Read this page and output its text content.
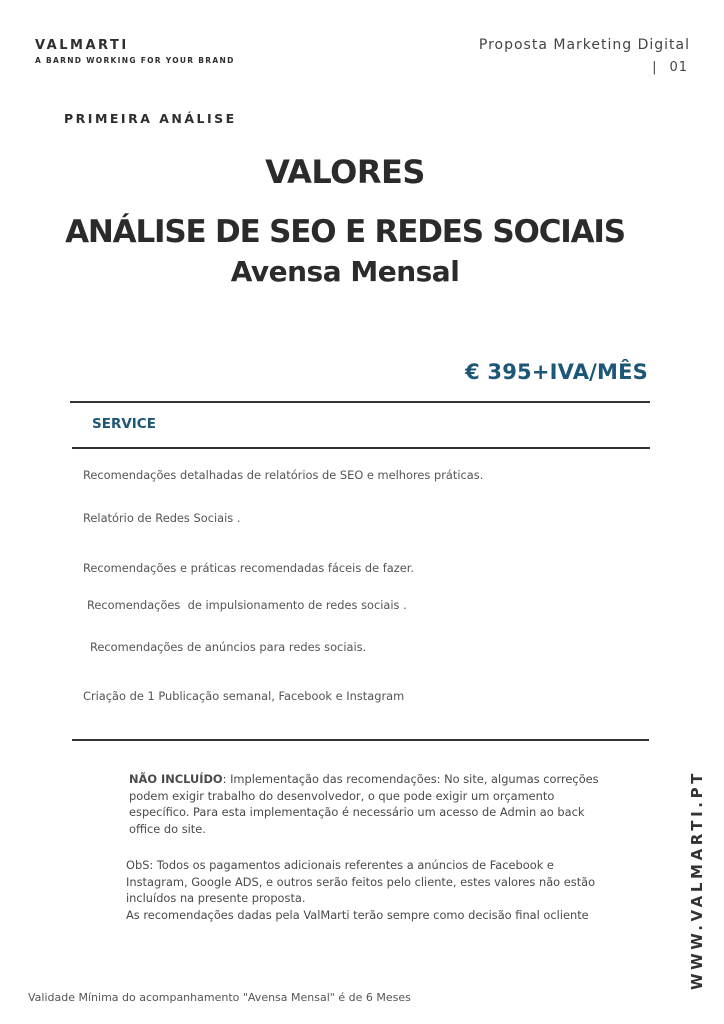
VALMARTI
A BARND WORKING FOR YOUR BRAND
Proposta Marketing Digital
| 01
PRIMEIRA ANÁLISE
VALORES
ANÁLISE DE SEO E REDES SOCIAIS
Avensa Mensal
€ 395+IVA/MÊS
SERVICE
Recomendações detalhadas de relatórios de SEO e melhores práticas.
Relatório de Redes Sociais .
Recomendações e práticas recomendadas fáceis de fazer.
Recomendações  de impulsionamento de redes sociais .
Recomendações de anúncios para redes sociais.
Criação de 1 Publicação semanal, Facebook e Instagram
NÃO INCLUÍDO: Implementação das recomendações: No site, algumas correções podem exigir trabalho do desenvolvedor, o que pode exigir um orçamento específico. Para esta implementação é necessário um acesso de Admin ao back office do site.
ObS: Todos os pagamentos adicionais referentes a anúncios de Facebook e Instagram, Google ADS, e outros serão feitos pelo cliente, estes valores não estão incluídos na presente proposta.
As recomendações dadas pela ValMarti terão sempre como decisão final ocliente
Validade Mínima do acompanhamento "Avensa Mensal" é de 6 Meses
WWW.VALMARTI.PT
